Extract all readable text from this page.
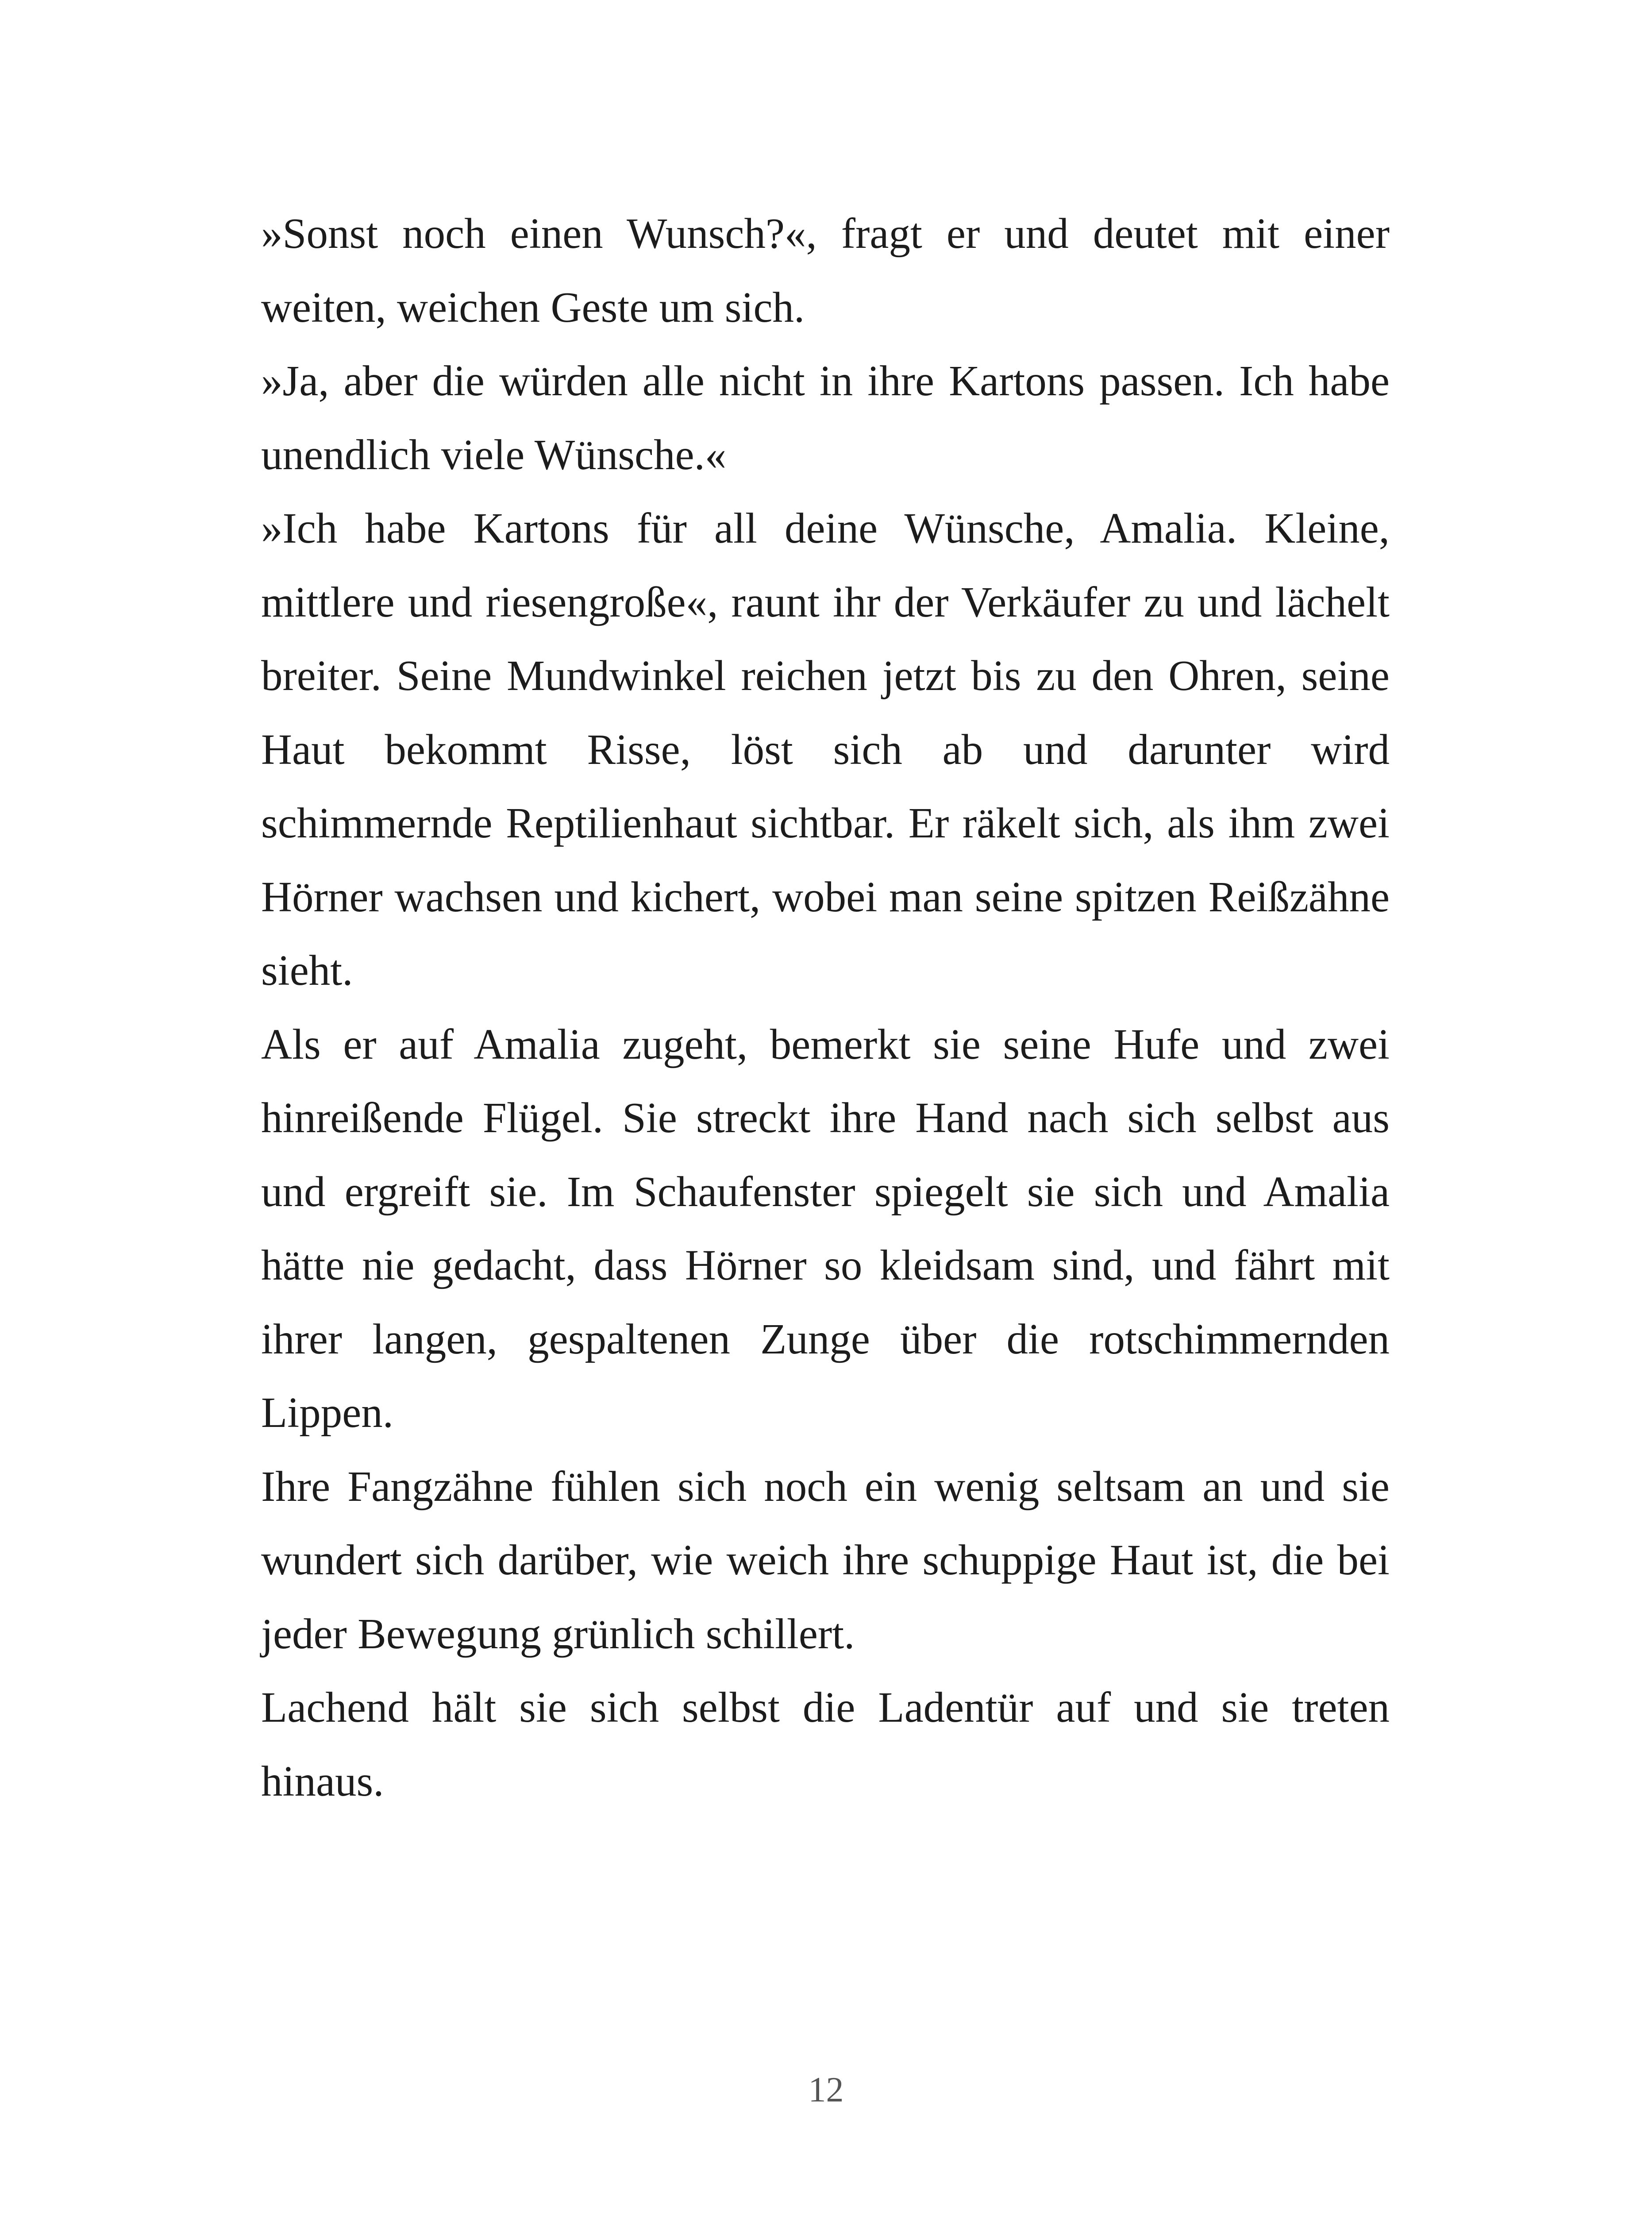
»Sonst noch einen Wunsch?«, fragt er und deutet mit einer weiten, weichen Geste um sich.

»Ja, aber die würden alle nicht in ihre Kartons passen. Ich habe unendlich viele Wünsche.«

»Ich habe Kartons für all deine Wünsche, Amalia. Kleine, mittlere und riesengroße«, raunt ihr der Verkäufer zu und lächelt breiter. Seine Mundwinkel reichen jetzt bis zu den Ohren, seine Haut bekommt Risse, löst sich ab und darunter wird schimmernde Reptilienhaut sichtbar. Er räkelt sich, als ihm zwei Hörner wachsen und kichert, wobei man seine spitzen Reißzähne sieht.

Als er auf Amalia zugeht, bemerkt sie seine Hufe und zwei hinreißende Flügel. Sie streckt ihre Hand nach sich selbst aus und ergreift sie. Im Schaufenster spiegelt sie sich und Amalia hätte nie gedacht, dass Hörner so kleidsam sind, und fährt mit ihrer langen, gespaltenen Zunge über die rotschimmernden Lippen.

Ihre Fangzähne fühlen sich noch ein wenig seltsam an und sie wundert sich darüber, wie weich ihre schuppige Haut ist, die bei jeder Bewegung grünlich schillert.

Lachend hält sie sich selbst die Ladentür auf und sie treten hinaus.

12
